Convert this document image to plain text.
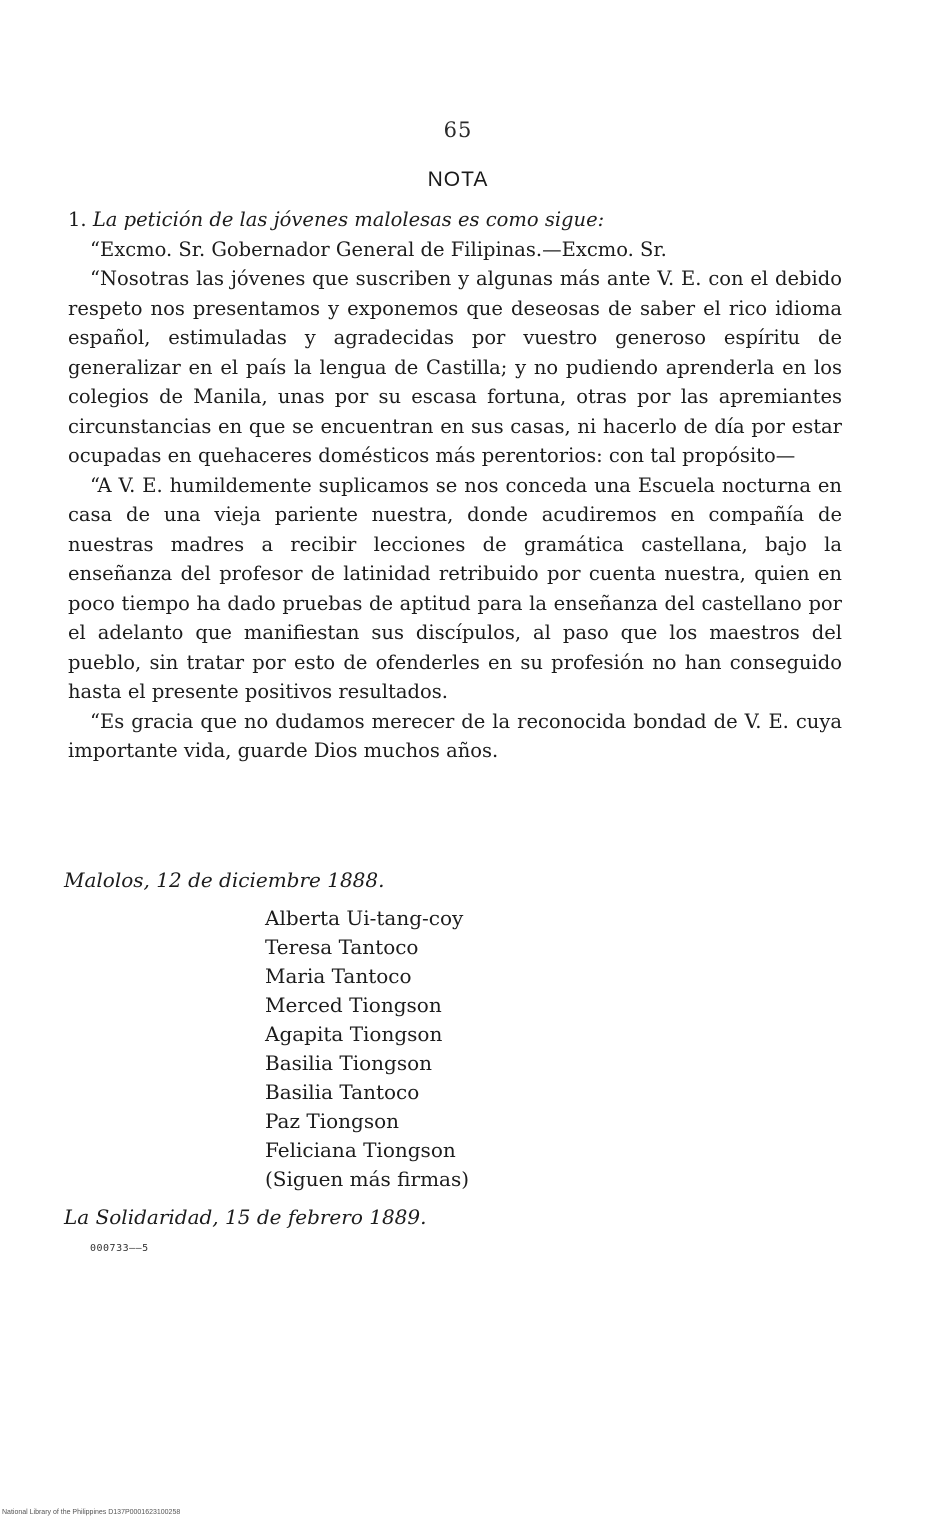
65
NOTA

1. La petición de las jóvenes malolesas es como sigue:

“Excmo. Sr. Gobernador General de Filipinas.—Excmo. Sr.

“Nosotras las jóvenes que suscriben y algunas más ante V. E. con el debido respeto nos presentamos y exponemos que deseosas de saber el rico idioma español, estimuladas y agradecidas por vuestro generoso espíritu de generalizar en el país la lengua de Castilla; y no pudiendo aprenderla en los colegios de Manila, unas por su escasa fortuna, otras por las apremiantes circunstancias en que se encuentran en sus casas, ni hacerlo de día por estar ocupadas en quehaceres domésticos más perentorios: con tal propósito—

“A V. E. humildemente suplicamos se nos conceda una Escuela nocturna en casa de una vieja pariente nuestra, donde acudiremos en compañía de nuestras madres a recibir lecciones de gramática castellana, bajo la enseñanza del profesor de latinidad retribuido por cuenta nuestra, quien en poco tiempo ha dado pruebas de aptitud para la enseñanza del castellano por el adelanto que manifiestan sus discípulos, al paso que los maestros del pueblo, sin tratar por esto de ofenderles en su profesión no han conseguido hasta el presente positivos resultados.

“Es gracia que no dudamos merecer de la reconocida bondad de V. E. cuya importante vida, guarde Dios muchos años.

Malolos, 12 de diciembre 1888.
Alberta Ui-tang-coy
Teresa Tantoco
Maria Tantoco
Merced Tiongson
Agapita Tiongson
Basilia Tiongson
Basilia Tantoco
Paz Tiongson
Feliciana Tiongson
(Siguen más firmas)
La Solidaridad, 15 de febrero 1889.
000733——5
National Library of the Philippines D137P0001623100258
